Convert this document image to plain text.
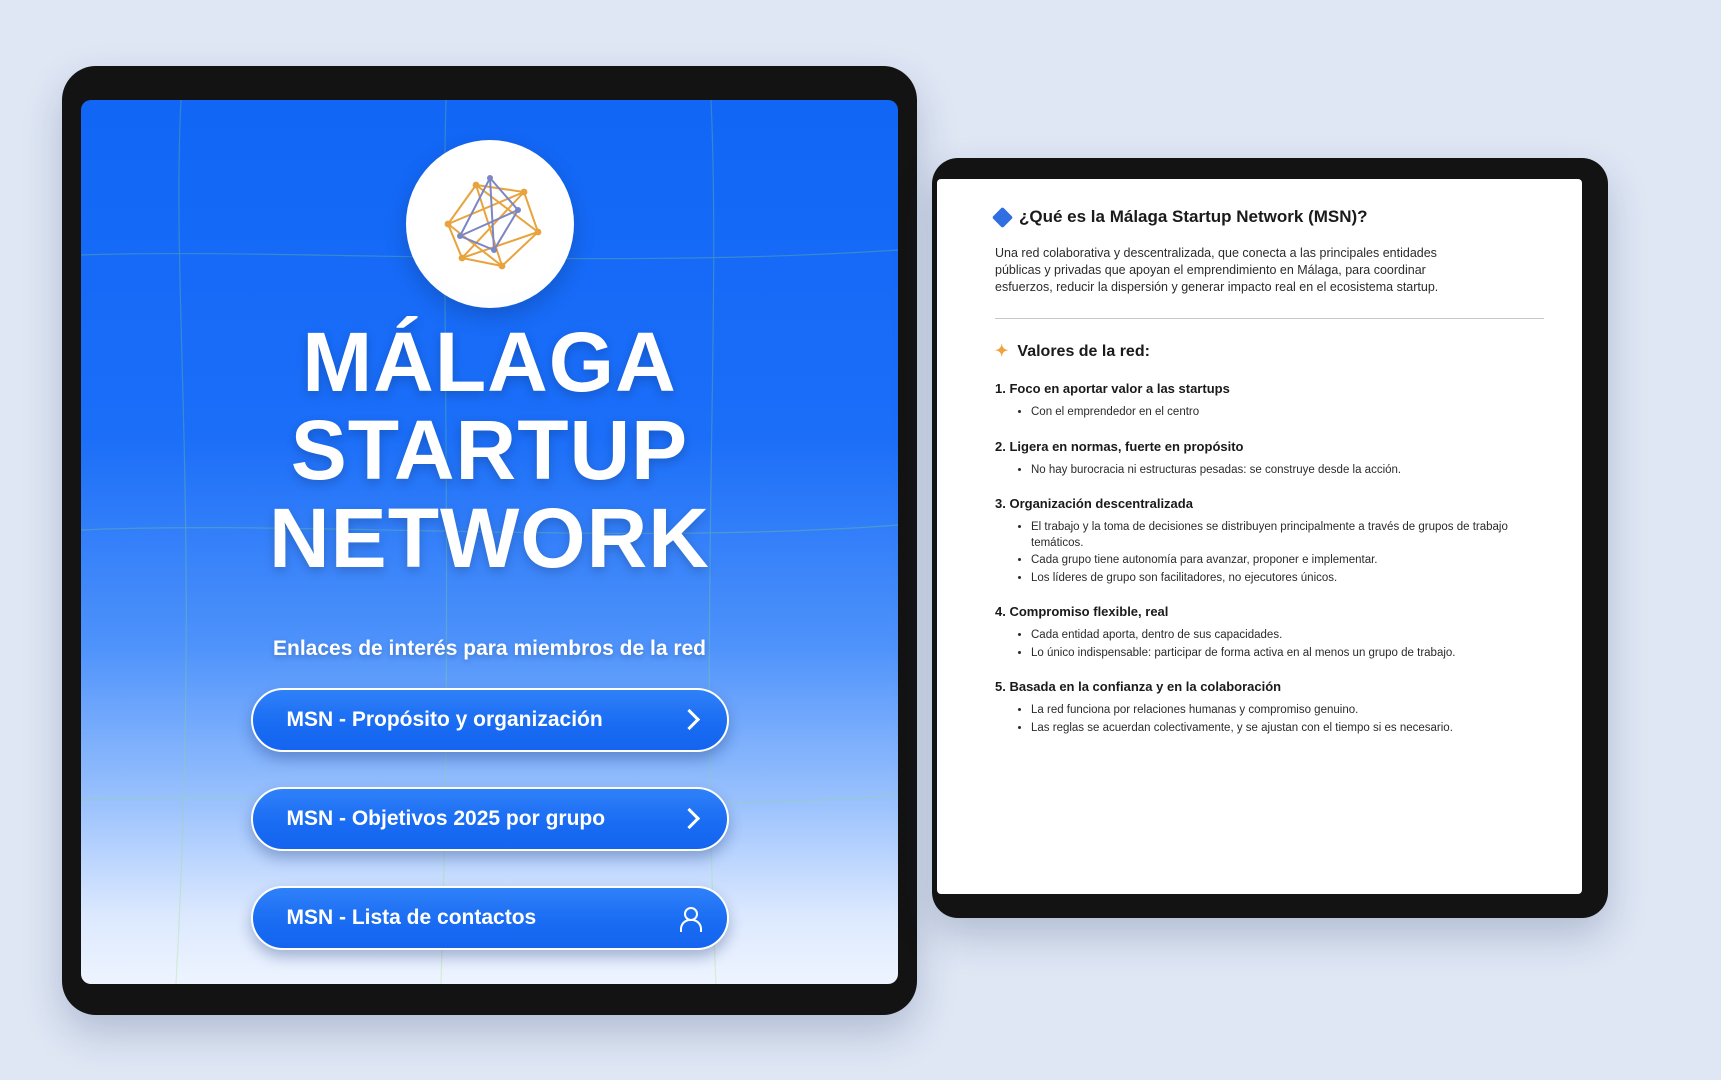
MÁLAGA
STARTUP
NETWORK
Enlaces de interés para miembros de la red
MSN - Propósito y organización
MSN - Objetivos 2025 por grupo
MSN - Lista de contactos
¿Qué es la Málaga Startup Network (MSN)?

Una red colaborativa y descentralizada, que conecta a las principales entidades públicas y privadas que apoyan el emprendimiento en Málaga, para coordinar esfuerzos, reducir la dispersión y generar impacto real en el ecosistema startup.

✦ Valores de la red:
1. Foco en aportar valor a las startups
• Con el emprendedor en el centro
2. Ligera en normas, fuerte en propósito
• No hay burocracia ni estructuras pesadas: se construye desde la acción.
3. Organización descentralizada
• El trabajo y la toma de decisiones se distribuyen principalmente a través de grupos de trabajo temáticos.
• Cada grupo tiene autonomía para avanzar, proponer e implementar.
• Los líderes de grupo son facilitadores, no ejecutores únicos.
4. Compromiso flexible, real
• Cada entidad aporta, dentro de sus capacidades.
• Lo único indispensable: participar de forma activa en al menos un grupo de trabajo.
5. Basada en la confianza y en la colaboración
• La red funciona por relaciones humanas y compromiso genuino.
• Las reglas se acuerdan colectivamente, y se ajustan con el tiempo si es necesario.
